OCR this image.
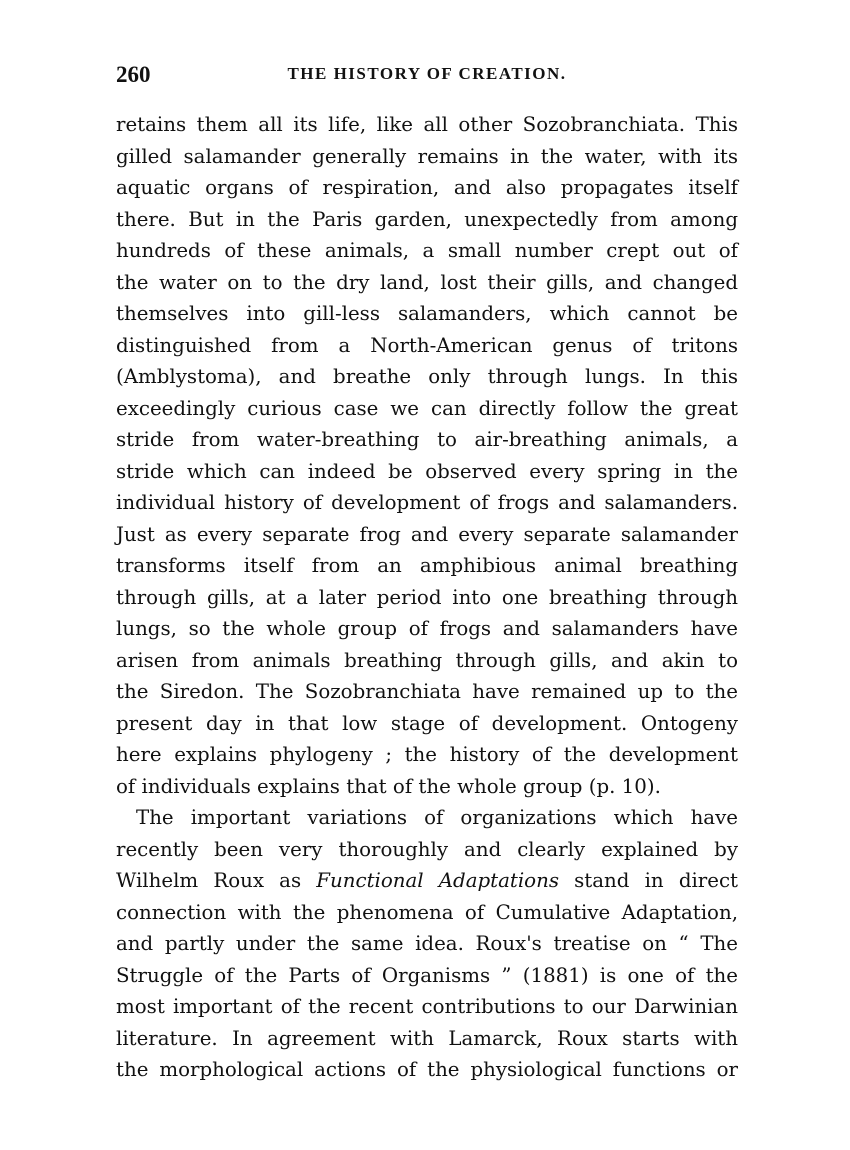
260	THE HISTORY OF CREATION.
retains them all its life, like all other Sozobranchiata. This
gilled salamander generally remains in the water, with its
aquatic organs of respiration, and also propagates itself
there. But in the Paris garden, unexpectedly from among
hundreds of these animals, a small number crept out of
the water on to the dry land, lost their gills, and changed
themselves into gill-less salamanders, which cannot be
distinguished from a North-American genus of tritons
(Amblystoma), and breathe only through lungs. In this
exceedingly curious case we can directly follow the great
stride from water-breathing to air-breathing animals, a
stride which can indeed be observed every spring in the
individual history of development of frogs and salamanders.
Just as every separate frog and every separate salamander
transforms itself from an amphibious animal breathing
through gills, at a later period into one breathing through
lungs, so the whole group of frogs and salamanders have
arisen from animals breathing through gills, and akin to
the Siredon. The Sozobranchiata have remained up to the
present day in that low stage of development. Ontogeny
here explains phylogeny ; the history of the development
of individuals explains that of the whole group (p. 10).
The important variations of organizations which have
recently been very thoroughly and clearly explained by
Wilhelm Roux as Functional Adaptations stand in direct
connection with the phenomena of Cumulative Adaptation,
and partly under the same idea. Roux's treatise on “ The
Struggle of the Parts of Organisms ” (1881) is one of the
most important of the recent contributions to our Darwinian
literature. In agreement with Lamarck, Roux starts with
the morphological actions of the physiological functions or
